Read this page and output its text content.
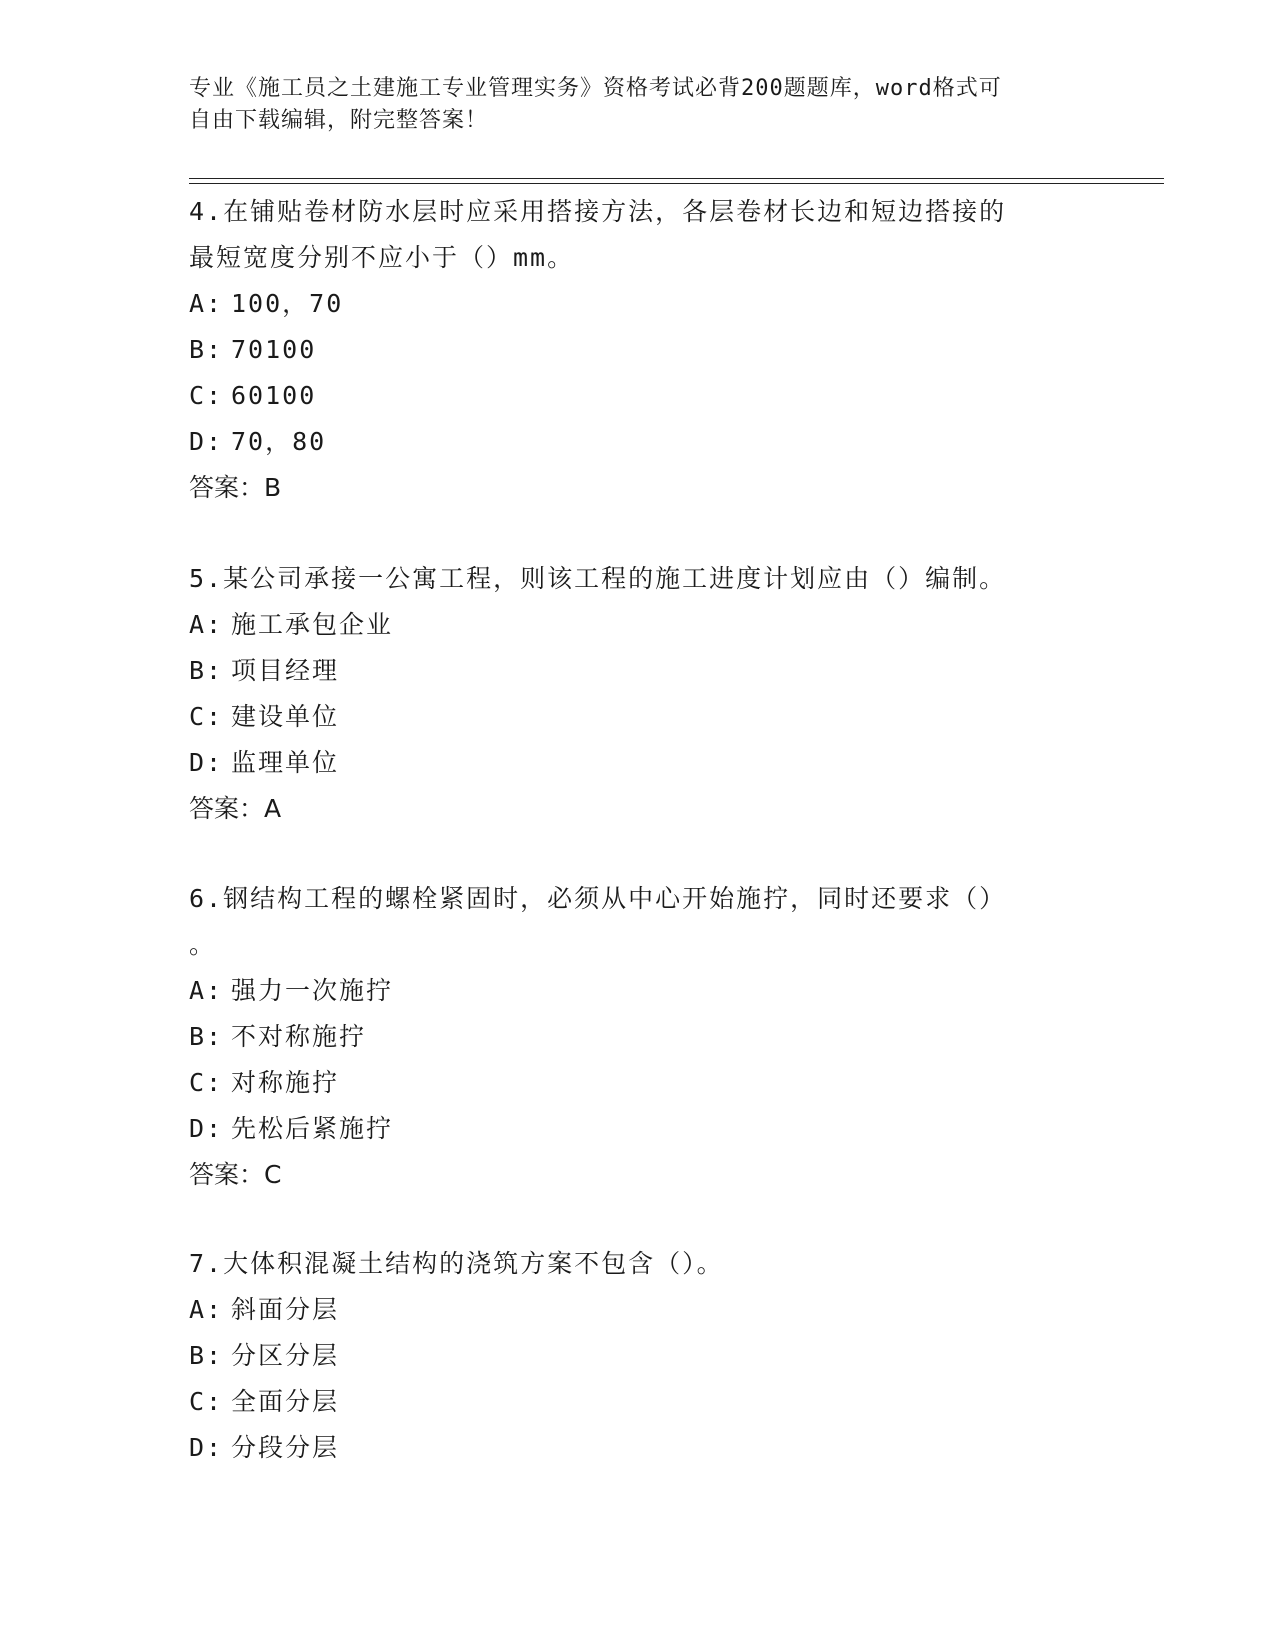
专业《施工员之土建施工专业管理实务》资格考试必背200题题库，word格式可
自由下载编辑，附完整答案！
4.在铺贴卷材防水层时应采用搭接方法，各层卷材长边和短边搭接的
最短宽度分别不应小于（）mm。
A: 100，70
B: 70100
C: 60100
D: 70，80
答案：B
5.某公司承接一公寓工程，则该工程的施工进度计划应由（）编制。
A: 施工承包企业
B: 项目经理
C: 建设单位
D: 监理单位
答案：A
6.钢结构工程的螺栓紧固时，必须从中心开始施拧，同时还要求（）
。
A: 强力一次施拧
B: 不对称施拧
C: 对称施拧
D: 先松后紧施拧
答案：C
7.大体积混凝土结构的浇筑方案不包含（）。
A: 斜面分层
B: 分区分层
C: 全面分层
D: 分段分层
